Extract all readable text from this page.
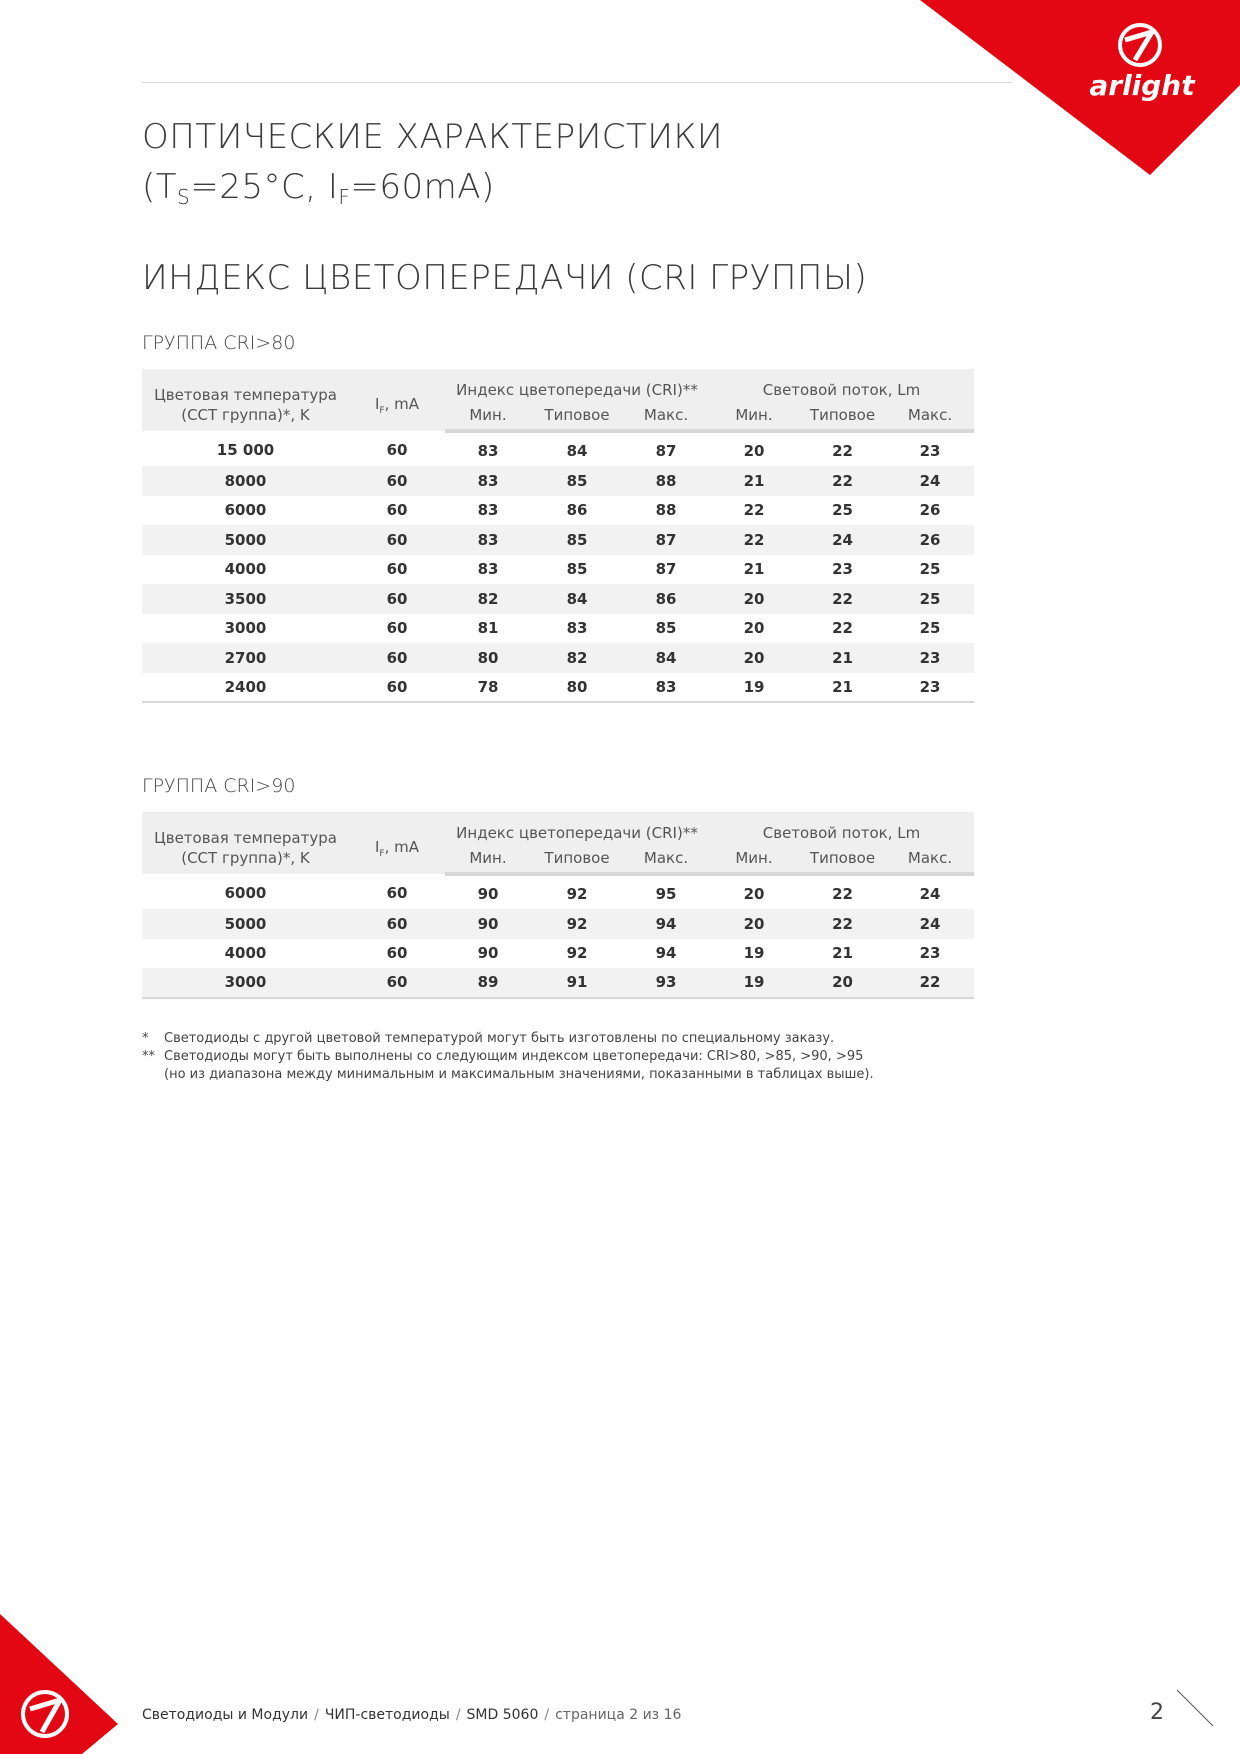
arlight
ОПТИЧЕСКИЕ ХАРАКТЕРИСТИКИ
($T_S=25^\circ C$, $I_F=60mA$)
ИНДЕКС ЦВЕТОПЕРЕДАЧИ (CRI ГРУППЫ)
ГРУППА CRI>80
Цветовая температура
(CCT группа)*, K	$I_F$, mA	Индекс цветопередачи (CRI)**			Световой поток, Lm		
		Мин.	Типовое	Макс.	Мин.	Типовое	Макс.
15 000	60	83	84	87	20	22	23
8000	60	83	85	88	21	22	24
6000	60	83	86	88	22	25	26
5000	60	83	85	87	22	24	26
4000	60	83	85	87	21	23	25
3500	60	82	84	86	20	22	25
3000	60	81	83	85	20	22	25
2700	60	80	82	84	20	21	23
2400	60	78	80	83	19	21	23
ГРУППА CRI>90
Цветовая температура
(CCT группа)*, K	$I_F$, mA	Индекс цветопередачи (CRI)**			Световой поток, Lm		
		Мин.	Типовое	Макс.	Мин.	Типовое	Макс.
6000	60	90	92	95	20	22	24
5000	60	90	92	94	20	22	24
4000	60	90	92	94	19	21	23
3000	60	89	91	93	19	20	22
*	Светодиоды с другой цветовой температурой могут быть изготовлены по специальному заказу.
** Светодиоды могут быть выполнены со следующим индексом цветопередачи: CRI>80, >85, >90, >95
(но из диапазона между минимальным и максимальным значениями, показанными в таблицах выше).
Светодиоды и Модули / ЧИП-светодиоды / SMD 5060 / страница 2 из 16	2
